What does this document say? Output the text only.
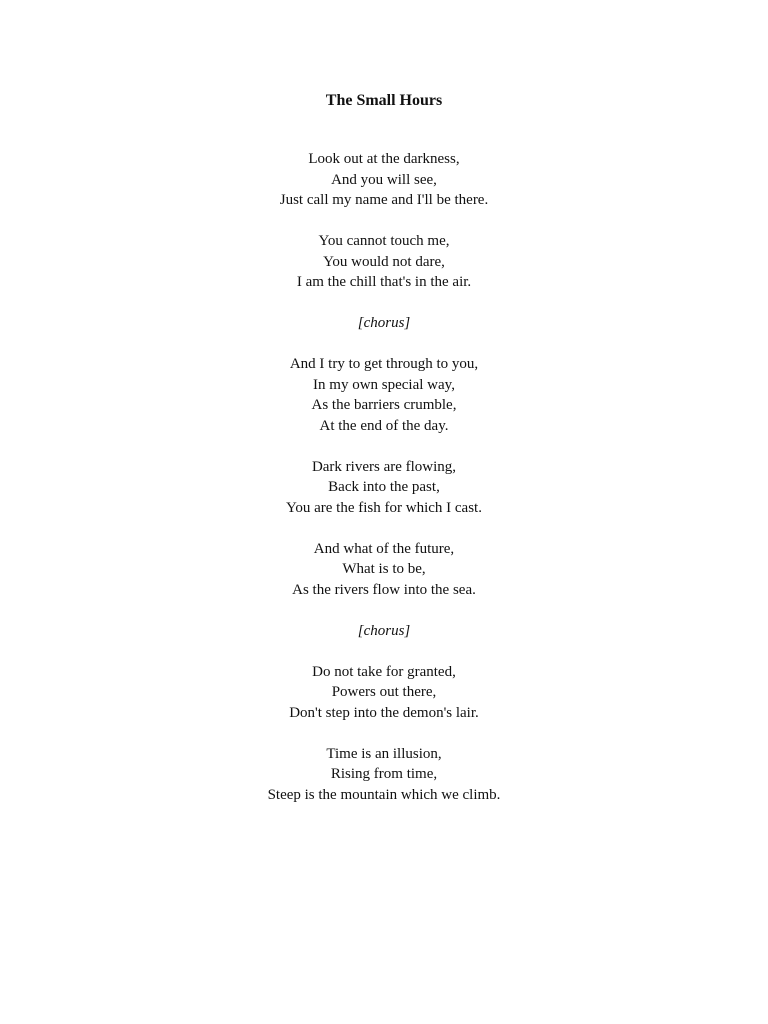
The Small Hours
Look out at the darkness,
And you will see,
Just call my name and I'll be there.
You cannot touch me,
You would not dare,
I am the chill that's in the air.
[chorus]
And I try to get through to you,
In my own special way,
As the barriers crumble,
At the end of the day.
Dark rivers are flowing,
Back into the past,
You are the fish for which I cast.
And what of the future,
What is to be,
As the rivers flow into the sea.
[chorus]
Do not take for granted,
Powers out there,
Don't step into the demon's lair.
Time is an illusion,
Rising from time,
Steep is the mountain which we climb.
